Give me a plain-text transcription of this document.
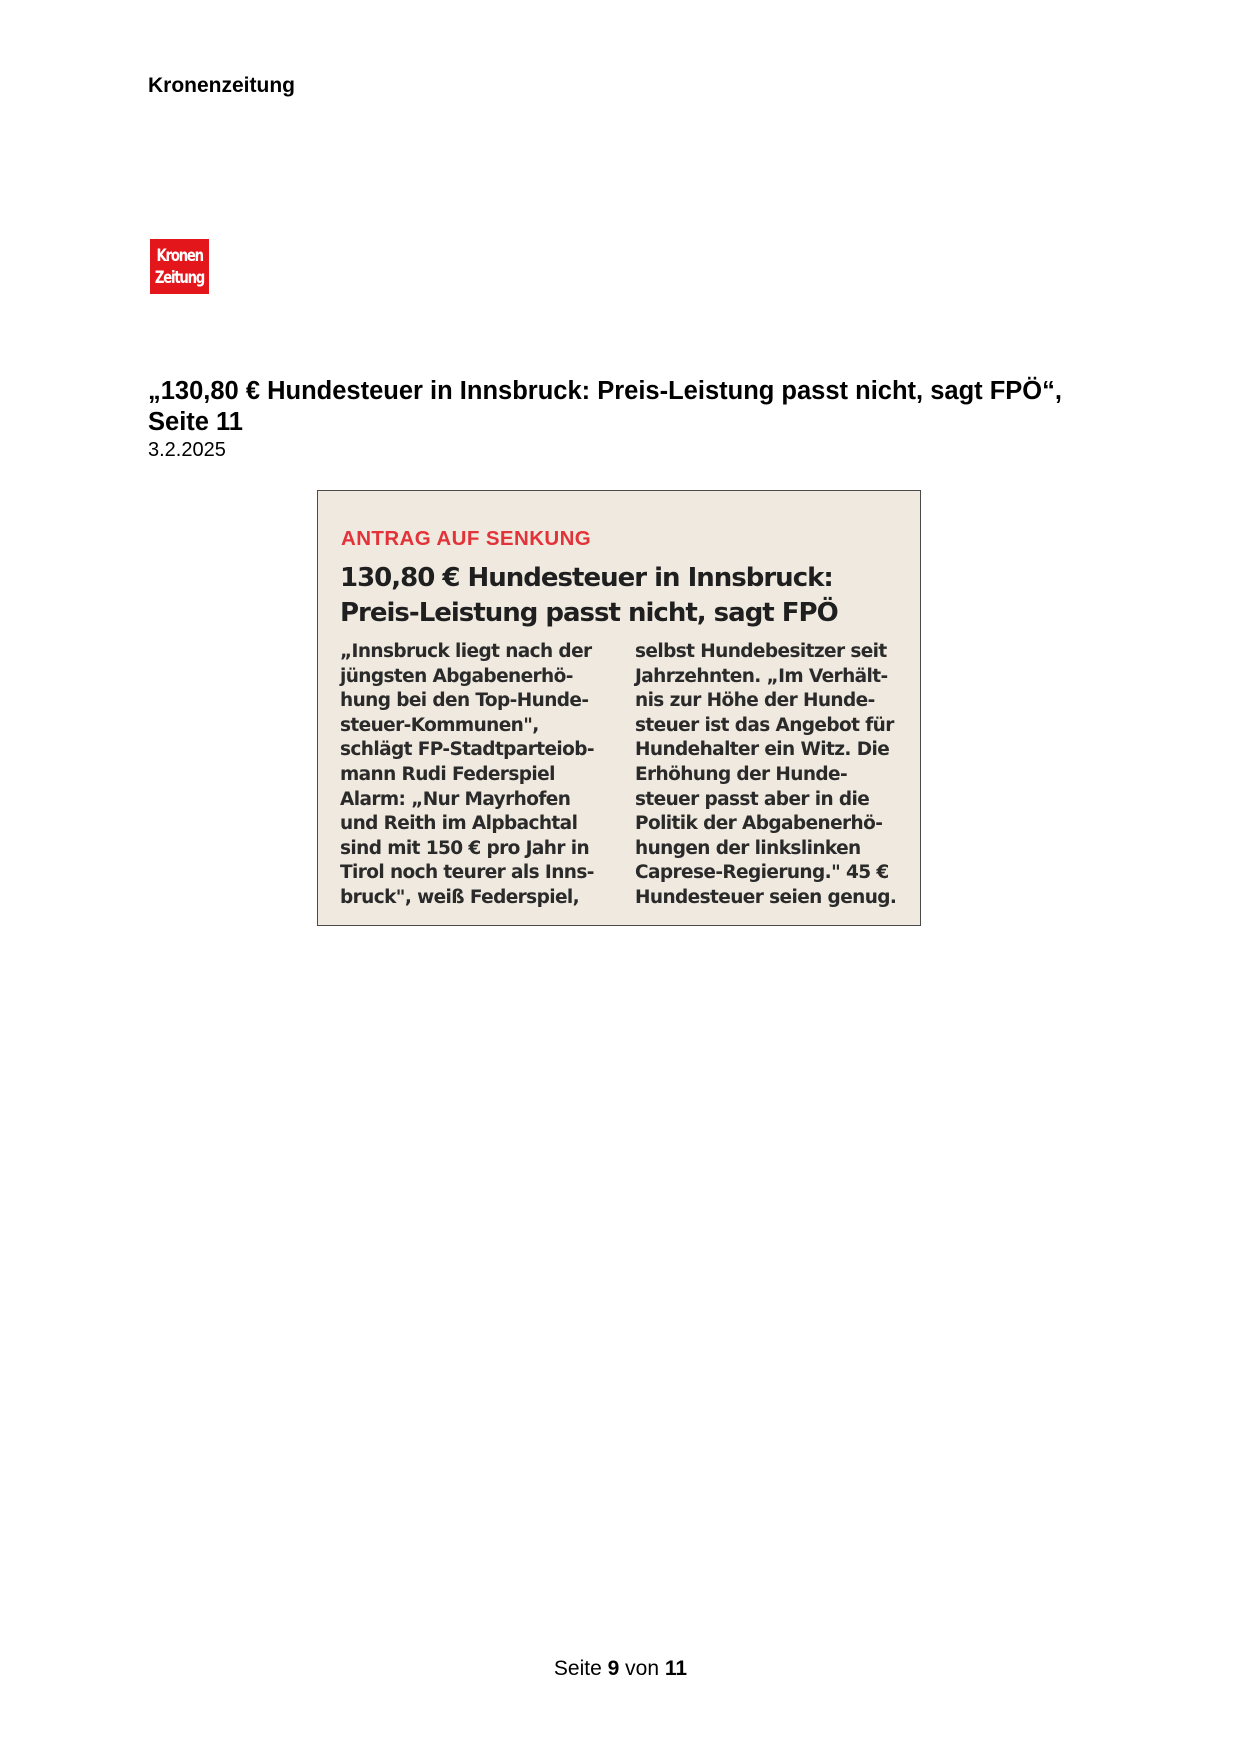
Kronenzeitung
Kronen
Zeitung
„130,80 € Hundesteuer in Innsbruck: Preis-Leistung passt nicht, sagt FPÖ“, Seite 11
3.2.2025
ANTRAG AUF SENKUNG
130,80 € Hundesteuer in Innsbruck:
Preis-Leistung passt nicht, sagt FPÖ
„Innsbruck liegt nach der
jüngsten Abgabenerhö-
hung bei den Top-Hunde-
steuer-Kommunen",
schlägt FP-Stadtparteiob-
mann Rudi Federspiel
Alarm: „Nur Mayrhofen
und Reith im Alpbachtal
sind mit 150 € pro Jahr in
Tirol noch teurer als Inns-
bruck", weiß Federspiel,
selbst Hundebesitzer seit
Jahrzehnten. „Im Verhält-
nis zur Höhe der Hunde-
steuer ist das Angebot für
Hundehalter ein Witz. Die
Erhöhung der Hunde-
steuer passt aber in die
Politik der Abgabenerhö-
hungen der linkslinken
Caprese-Regierung." 45 €
Hundesteuer seien genug.
Seite 9 von 11
